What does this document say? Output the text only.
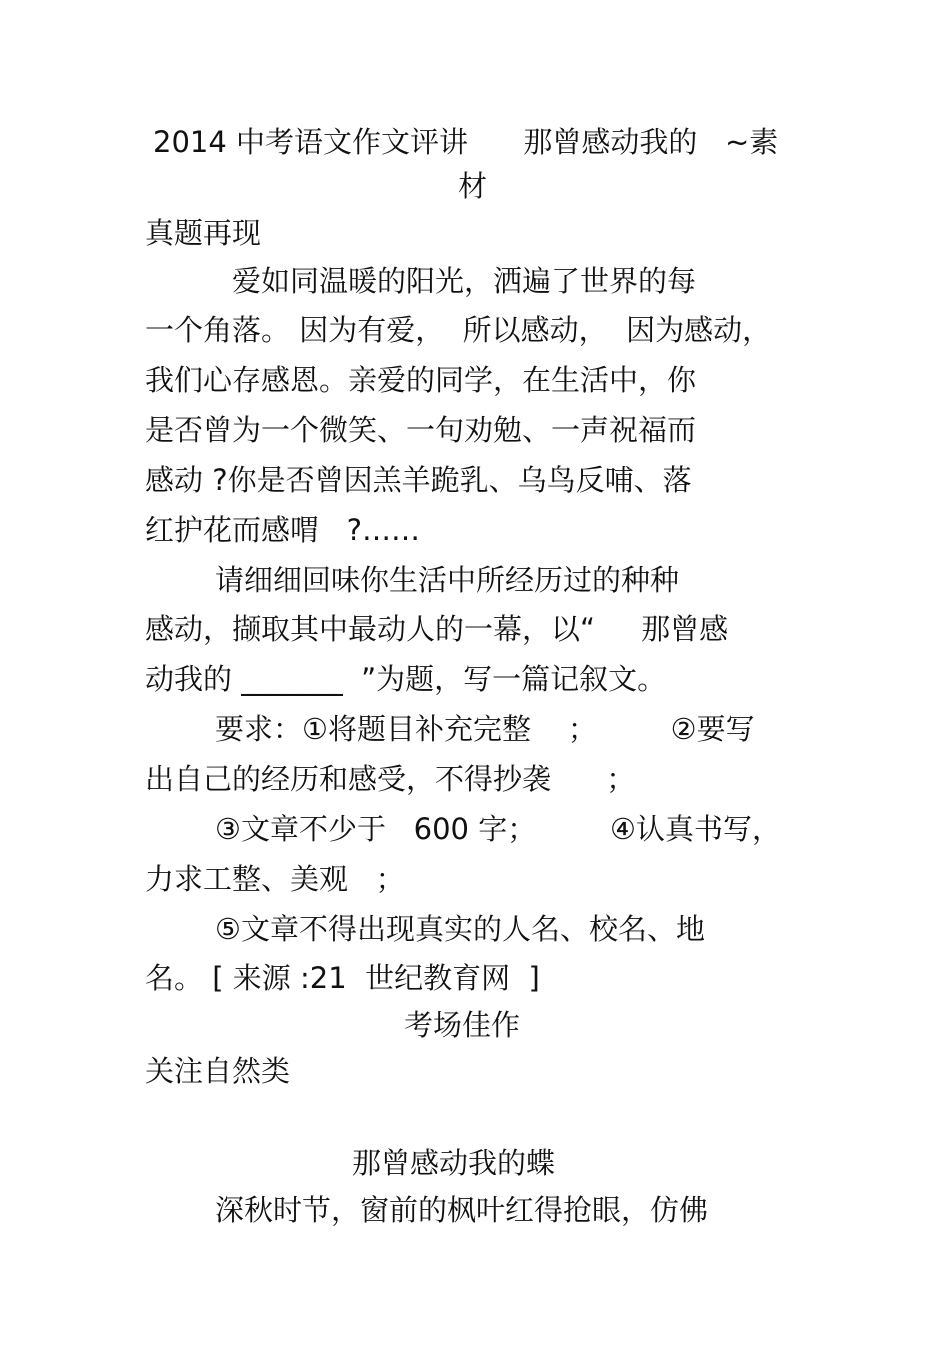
2014 中考语文作文评讲      那曾感动我的   ~素
材
真题再现
爱如同温暖的阳光，洒遍了世界的每
一个角落。 因为有爱，  所以感动，  因为感动，
我们心存感恩。亲爱的同学，在生活中，你
是否曾为一个微笑、一句劝勉、一声祝福而
感动 ?你是否曾因羔羊跪乳、乌鸟反哺、落
红护花而感喟   ?……
请细细回味你生活中所经历过的种种
感动，撷取其中最动人的一幕，以“     那曾感
动我的 _______  ”为题，写一篇记叙文。
要求：①将题目补充完整    ；        ②要写
出自己的经历和感受，不得抄袭      ；
③文章不少于   600 字；        ④认真书写，
力求工整、美观   ；
⑤文章不得出现真实的人名、校名、地
名。 [ 来源 :21  世纪教育网  ]
考场佳作
关注自然类
那曾感动我的蝶
深秋时节，窗前的枫叶红得抢眼，仿佛
